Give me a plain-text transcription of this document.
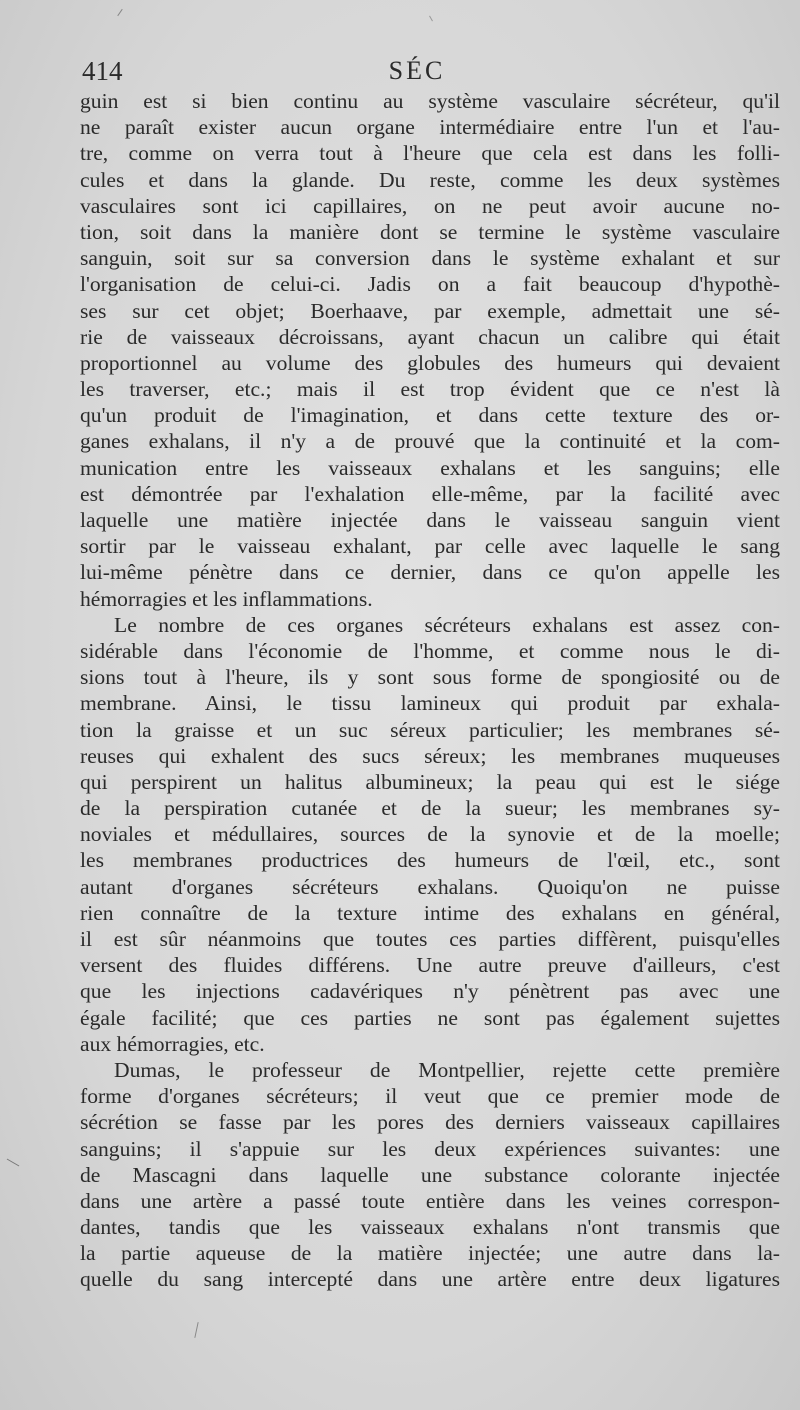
414	SÉC
guin est si bien continu au système vasculaire sécréteur, qu'il
ne paraît exister aucun organe intermédiaire entre l'un et l'au-
tre, comme on verra tout à l'heure que cela est dans les folli-
cules et dans la glande. Du reste, comme les deux systèmes
vasculaires sont ici capillaires, on ne peut avoir aucune no-
tion, soit dans la manière dont se termine le système vasculaire
sanguin, soit sur sa conversion dans le système exhalant et sur
l'organisation de celui-ci. Jadis on a fait beaucoup d'hypothè-
ses sur cet objet; Boerhaave, par exemple, admettait une sé-
rie de vaisseaux décroissans, ayant chacun un calibre qui était
proportionnel au volume des globules des humeurs qui devaient
les traverser, etc.; mais il est trop évident que ce n'est là
qu'un produit de l'imagination, et dans cette texture des or-
ganes exhalans, il n'y a de prouvé que la continuité et la com-
munication entre les vaisseaux exhalans et les sanguins; elle
est démontrée par l'exhalation elle-même, par la facilité avec
laquelle une matière injectée dans le vaisseau sanguin vient
sortir par le vaisseau exhalant, par celle avec laquelle le sang
lui-même pénètre dans ce dernier, dans ce qu'on appelle les
hémorragies et les inflammations.
Le nombre de ces organes sécréteurs exhalans est assez con-
sidérable dans l'économie de l'homme, et comme nous le di-
sions tout à l'heure, ils y sont sous forme de spongiosité ou de
membrane. Ainsi, le tissu lamineux qui produit par exhala-
tion la graisse et un suc séreux particulier; les membranes sé-
reuses qui exhalent des sucs séreux; les membranes muqueuses
qui perspirent un halitus albumineux; la peau qui est le siége
de la perspiration cutanée et de la sueur; les membranes sy-
noviales et médullaires, sources de la synovie et de la moelle;
les membranes productrices des humeurs de l'œil, etc., sont
autant d'organes sécréteurs exhalans. Quoiqu'on ne puisse
rien connaître de la texture intime des exhalans en général,
il est sûr néanmoins que toutes ces parties diffèrent, puisqu'elles
versent des fluides différens. Une autre preuve d'ailleurs, c'est
que les injections cadavériques n'y pénètrent pas avec une
égale facilité; que ces parties ne sont pas également sujettes
aux hémorragies, etc.
Dumas, le professeur de Montpellier, rejette cette première
forme d'organes sécréteurs; il veut que ce premier mode de
sécrétion se fasse par les pores des derniers vaisseaux capillaires
sanguins; il s'appuie sur les deux expériences suivantes: une
de Mascagni dans laquelle une substance colorante injectée
dans une artère a passé toute entière dans les veines correspon-
dantes, tandis que les vaisseaux exhalans n'ont transmis que
la partie aqueuse de la matière injectée; une autre dans la-
quelle du sang intercepté dans une artère entre deux ligatures
